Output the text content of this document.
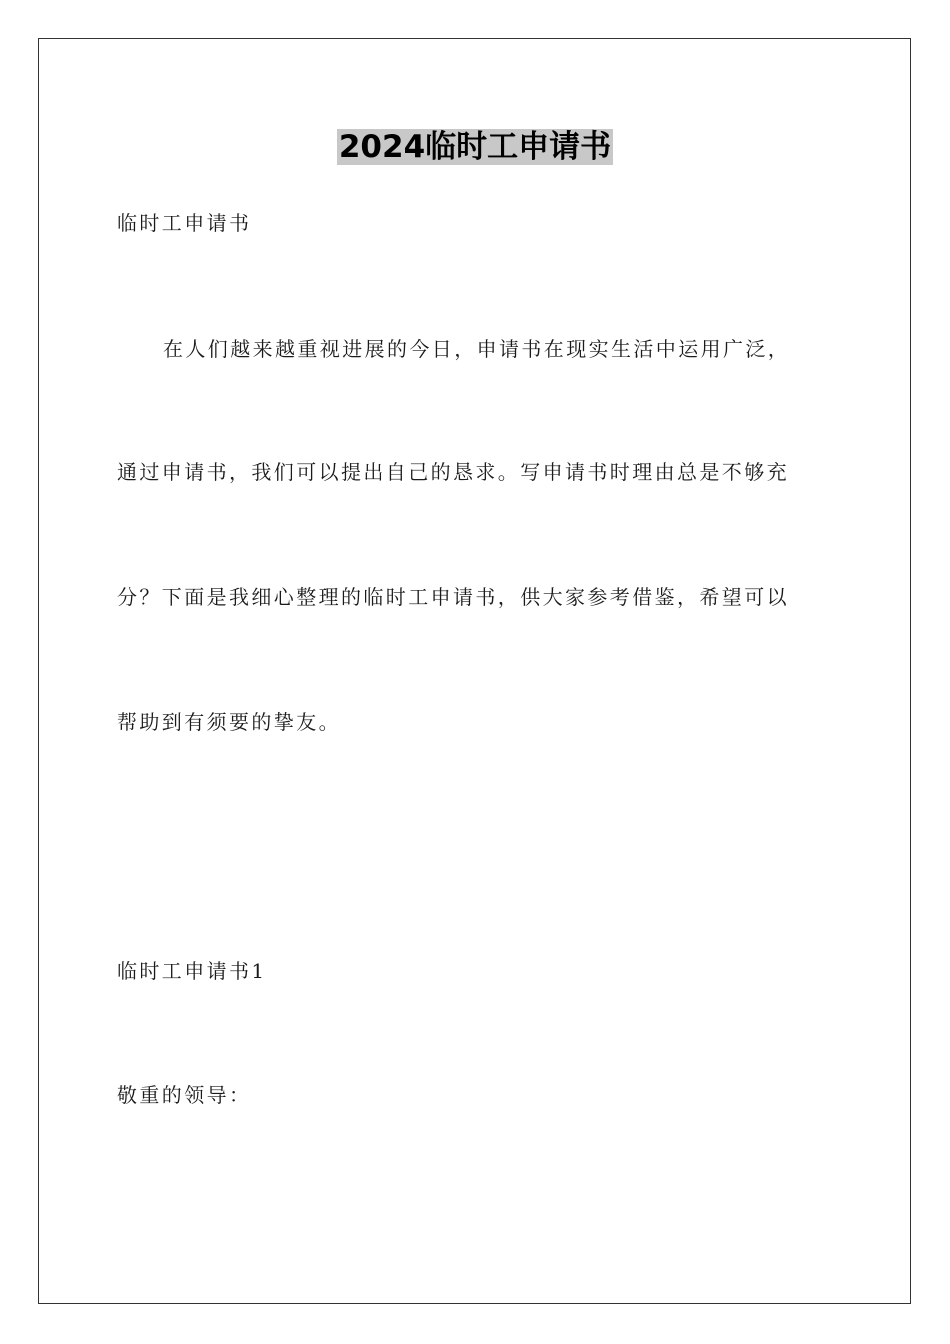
2024临时工申请书

临时工申请书

在人们越来越重视进展的今日，申请书在现实生活中运用广泛，

通过申请书，我们可以提出自己的恳求。写申请书时理由总是不够充

分？下面是我细心整理的临时工申请书，供大家参考借鉴，希望可以

帮助到有须要的挚友。

临时工申请书1

敬重的领导：
